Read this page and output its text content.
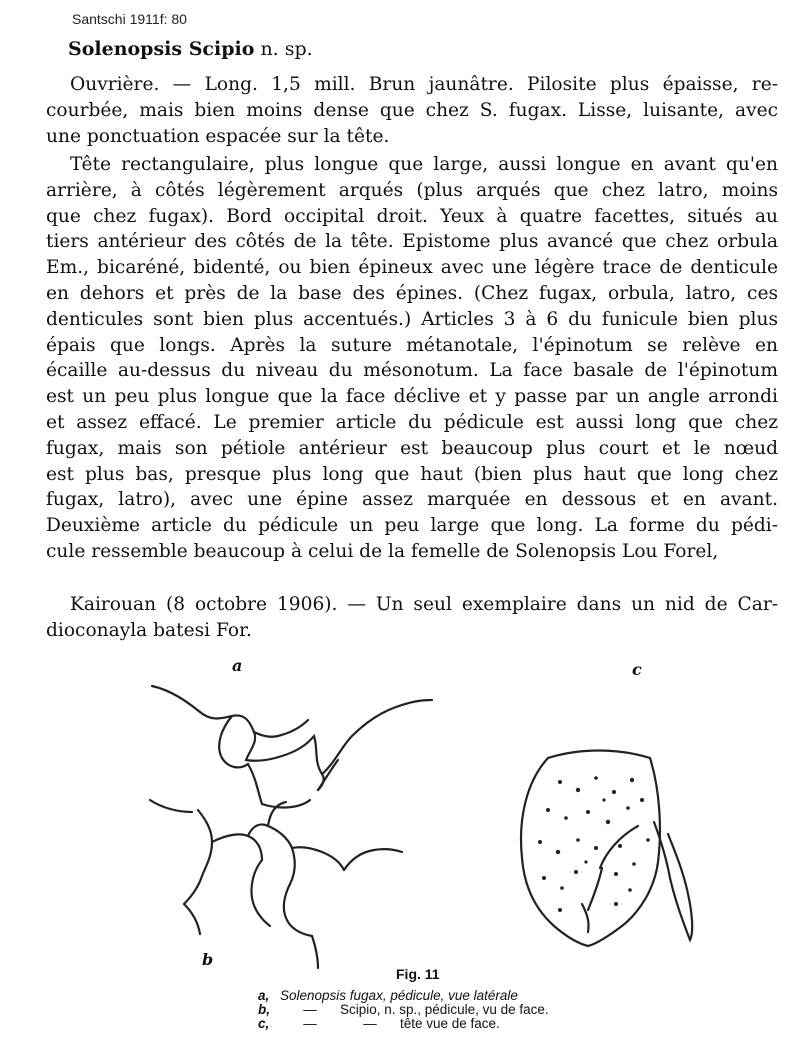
Santschi 1911f: 80
Solenopsis Scipio n. sp.
Ouvrière. — Long. 1,5 mill. Brun jaunâtre. Pilosite plus épaisse, re-
courbée, mais bien moins dense que chez S. fugax. Lisse, luisante, avec
une ponctuation espacée sur la tête.
Tête rectangulaire, plus longue que large, aussi longue en avant qu'en
arrière, à côtés légèrement arqués (plus arqués que chez latro, moins
que chez fugax). Bord occipital droit. Yeux à quatre facettes, situés au
tiers antérieur des côtés de la tête. Epistome plus avancé que chez orbula
Em., bicaréné, bidenté, ou bien épineux avec une légère trace de denticule
en dehors et près de la base des épines. (Chez fugax, orbula, latro, ces
denticules sont bien plus accentués.) Articles 3 à 6 du funicule bien plus
épais que longs. Après la suture métanotale, l'épinotum se relève en
écaille au-dessus du niveau du mésonotum. La face basale de l'épinotum
est un peu plus longue que la face déclive et y passe par un angle arrondi
et assez effacé. Le premier article du pédicule est aussi long que chez
fugax, mais son pétiole antérieur est beaucoup plus court et le nœud
est plus bas, presque plus long que haut (bien plus haut que long chez
fugax, latro), avec une épine assez marquée en dessous et en avant.
Deuxième article du pédicule un peu large que long. La forme du pédi-
cule ressemble beaucoup à celui de la femelle de Solenopsis Lou Forel,
Kairouan (8 octobre 1906). — Un seul exemplaire dans un nid de Car-
dioconayla batesi For.
a	c
b
Fig. 11
a, Solenopsis fugax, pédicule, vue latérale
b, — Scipio, n. sp., pédicule, vu de face.
c,	—	— tête vue de face.
